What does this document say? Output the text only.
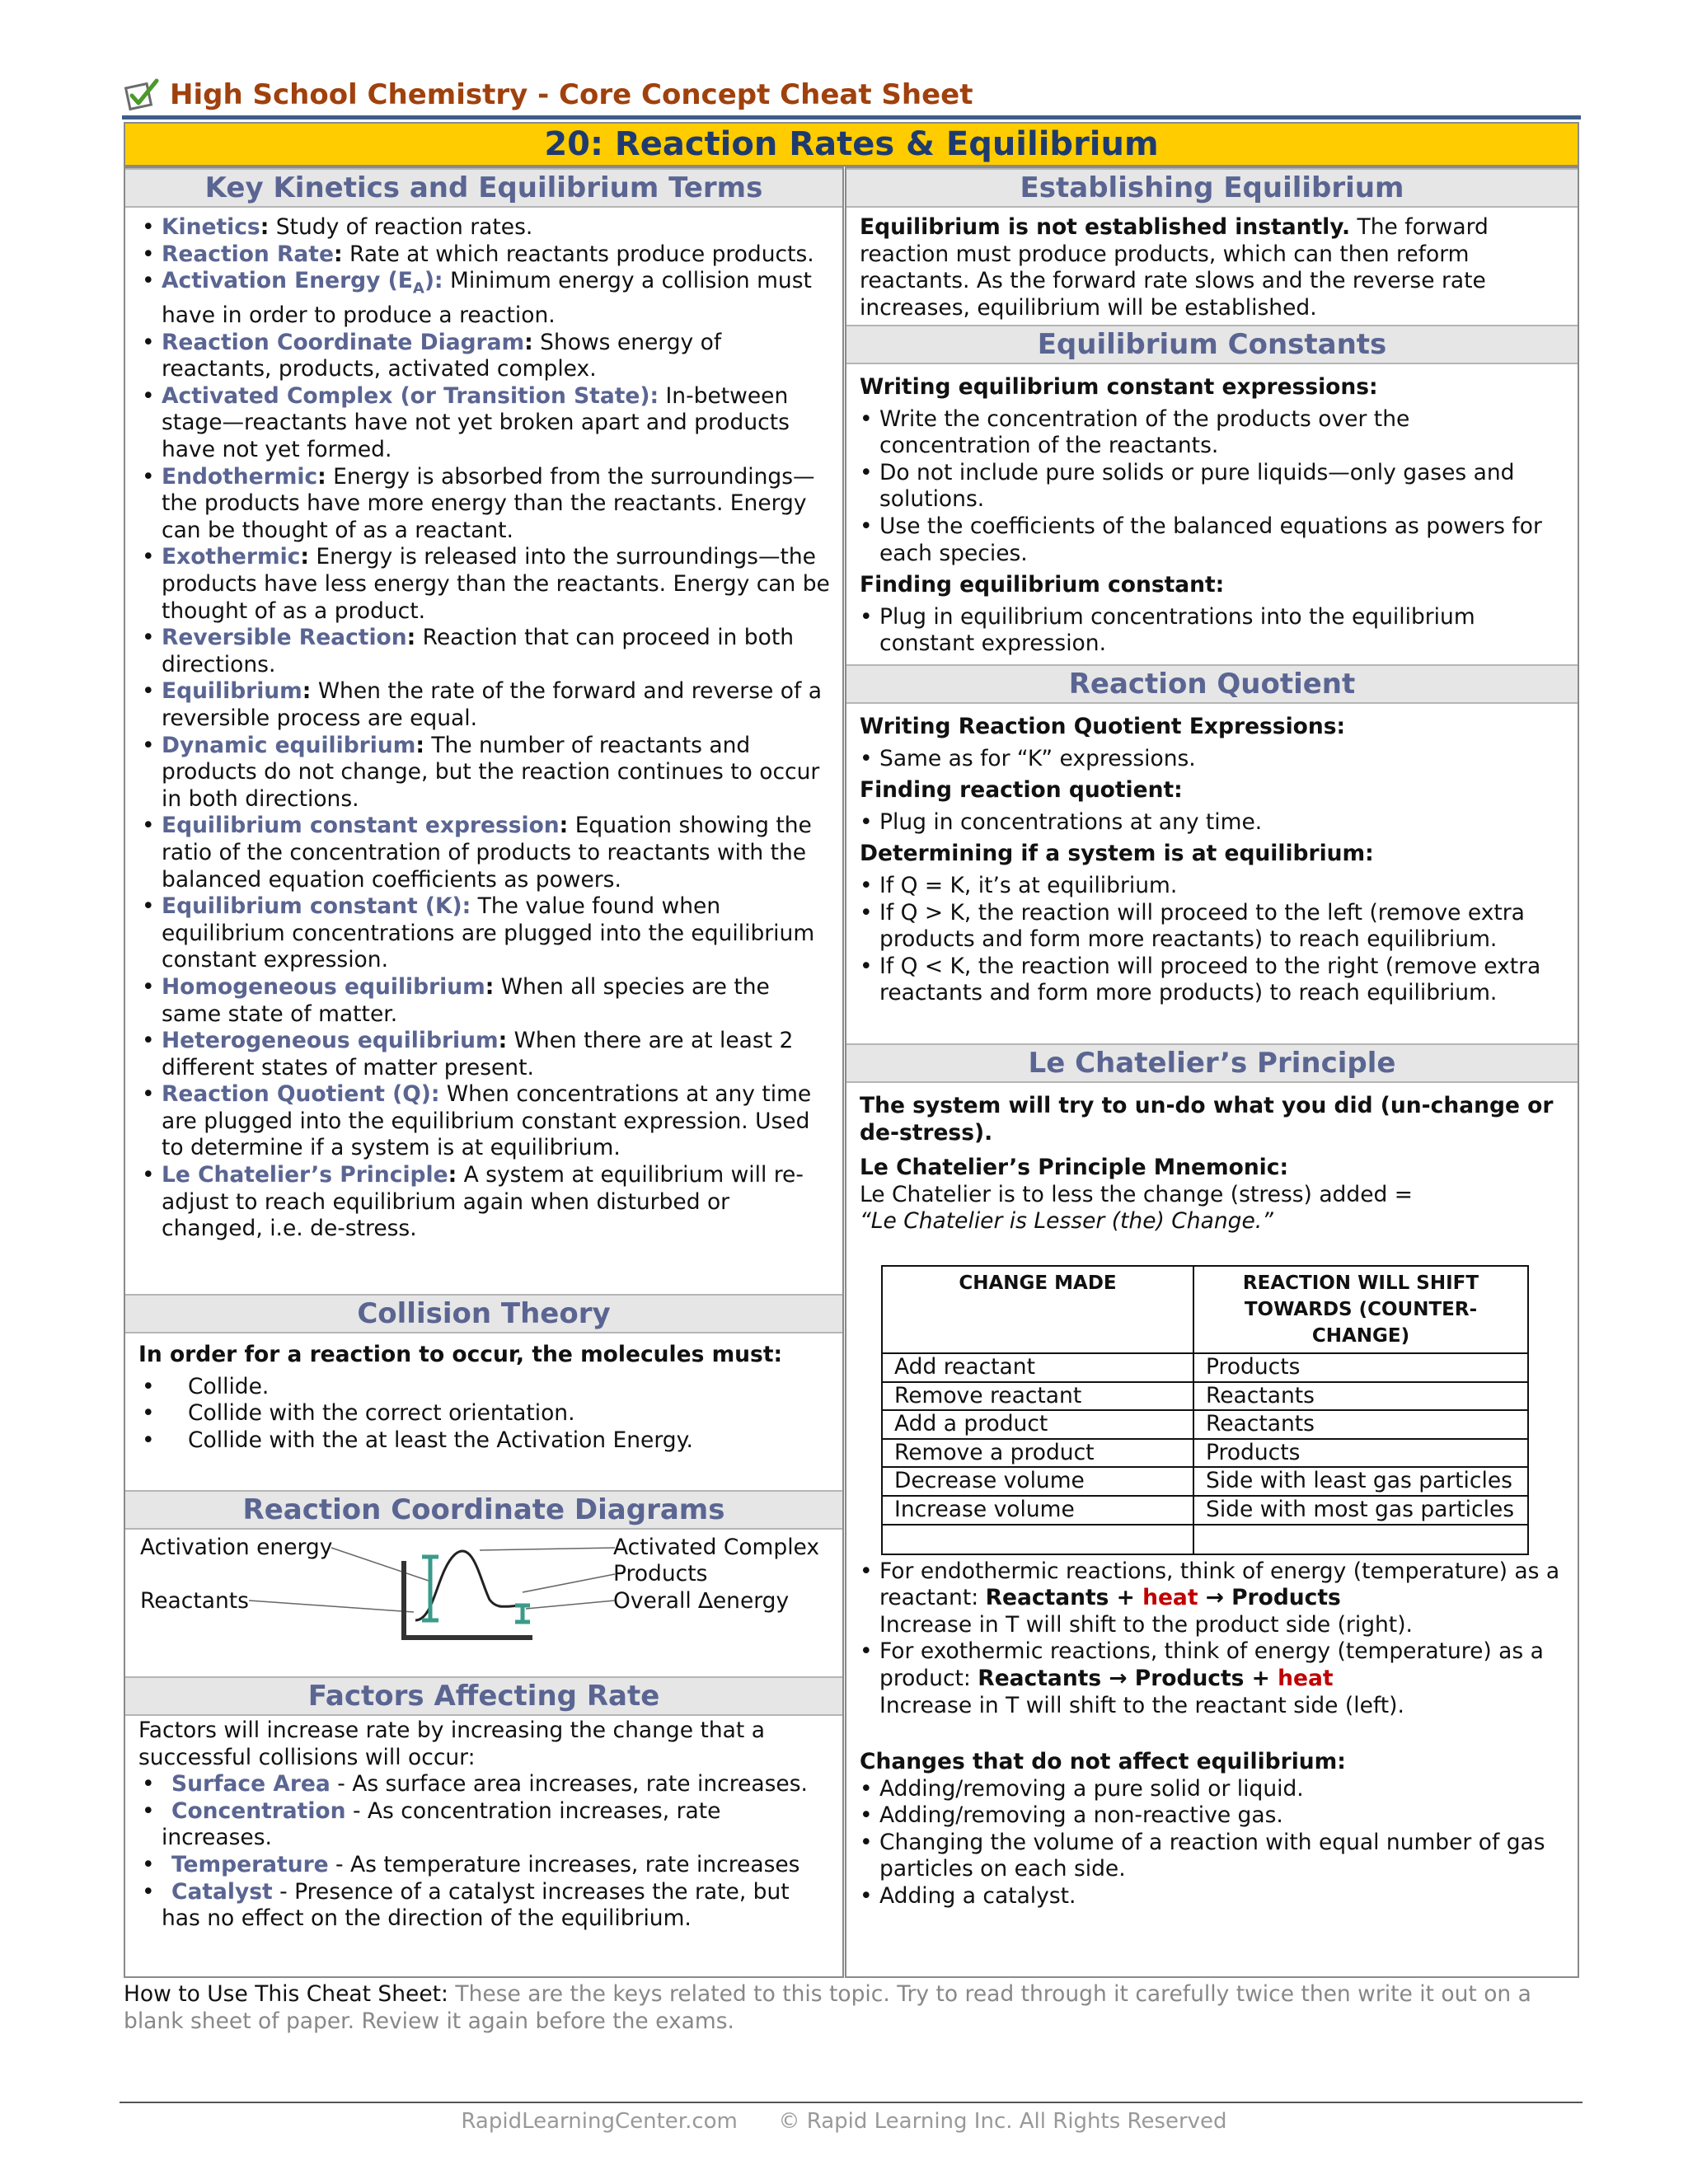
High School Chemistry - Core Concept Cheat Sheet
20: Reaction Rates & Equilibrium
Key Kinetics and Equilibrium Terms
• Kinetics: Study of reaction rates.
• Reaction Rate: Rate at which reactants produce products.
• Activation Energy $(E_A)$: Minimum energy a collision must have in order to produce a reaction.
• Reaction Coordinate Diagram: Shows energy of reactants, products, activated complex.
• Activated Complex (or Transition State): In-between stage—reactants have not yet broken apart and products have not yet formed.
• Endothermic: Energy is absorbed from the surroundings—the products have more energy than the reactants. Energy can be thought of as a reactant.
• Exothermic: Energy is released into the surroundings—the products have less energy than the reactants. Energy can be thought of as a product.
• Reversible Reaction: Reaction that can proceed in both directions.
• Equilibrium: When the rate of the forward and reverse of a reversible process are equal.
• Dynamic equilibrium: The number of reactants and products do not change, but the reaction continues to occur in both directions.
• Equilibrium constant expression: Equation showing the ratio of the concentration of products to reactants with the balanced equation coefficients as powers.
• Equilibrium constant (K): The value found when equilibrium concentrations are plugged into the equilibrium constant expression.
• Homogeneous equilibrium: When all species are the same state of matter.
• Heterogeneous equilibrium: When there are at least 2 different states of matter present.
• Reaction Quotient (Q): When concentrations at any time are plugged into the equilibrium constant expression. Used to determine if a system is at equilibrium.
• Le Chatelier’s Principle: A system at equilibrium will re-adjust to reach equilibrium again when disturbed or changed, i.e. de-stress.
Collision Theory
In order for a reaction to occur, the molecules must:
• Collide.
• Collide with the correct orientation.
• Collide with the at least the Activation Energy.
Reaction Coordinate Diagrams
Activation energy
Reactants
Activated Complex
Products
Overall ∆energy
Factors Affecting Rate
Factors will increase rate by increasing the change that a successful collisions will occur:
• Surface Area - As surface area increases, rate increases.
• Concentration - As concentration increases, rate increases.
• Temperature - As temperature increases, rate increases
• Catalyst - Presence of a catalyst increases the rate, but has no effect on the direction of the equilibrium.
Establishing Equilibrium
Equilibrium is not established instantly. The forward reaction must produce products, which can then reform reactants. As the forward rate slows and the reverse rate increases, equilibrium will be established.
Equilibrium Constants
Writing equilibrium constant expressions:
• Write the concentration of the products over the concentration of the reactants.
• Do not include pure solids or pure liquids—only gases and solutions.
• Use the coefficients of the balanced equations as powers for each species.
Finding equilibrium constant:
• Plug in equilibrium concentrations into the equilibrium constant expression.
Reaction Quotient
Writing Reaction Quotient Expressions:
• Same as for “K” expressions.
Finding reaction quotient:
• Plug in concentrations at any time.
Determining if a system is at equilibrium:
• If Q = K, it’s at equilibrium.
• If Q > K, the reaction will proceed to the left (remove extra products and form more reactants) to reach equilibrium.
• If Q < K, the reaction will proceed to the right (remove extra reactants and form more products) to reach equilibrium.
Le Chatelier’s Principle
The system will try to un-do what you did (un-change or de-stress).
Le Chatelier’s Principle Mnemonic:
Le Chatelier is to less the change (stress) added =
“Le Chatelier is Lesser (the) Change.”
CHANGE MADE	REACTION WILL SHIFT TOWARDS (COUNTER-CHANGE)
Add reactant	Products
Remove reactant	Reactants
Add a product	Reactants
Remove a product	Products
Decrease volume	Side with least gas particles
Increase volume	Side with most gas particles

• For endothermic reactions, think of energy (temperature) as a reactant: Reactants + heat → Products
Increase in T will shift to the product side (right).
• For exothermic reactions, think of energy (temperature) as a product: Reactants → Products + heat
Increase in T will shift to the reactant side (left).
Changes that do not affect equilibrium:
• Adding/removing a pure solid or liquid.
• Adding/removing a non-reactive gas.
• Changing the volume of a reaction with equal number of gas particles on each side.
• Adding a catalyst.
How to Use This Cheat Sheet: These are the keys related to this topic. Try to read through it carefully twice then write it out on a blank sheet of paper. Review it again before the exams.
RapidLearningCenter.com © Rapid Learning Inc. All Rights Reserved
